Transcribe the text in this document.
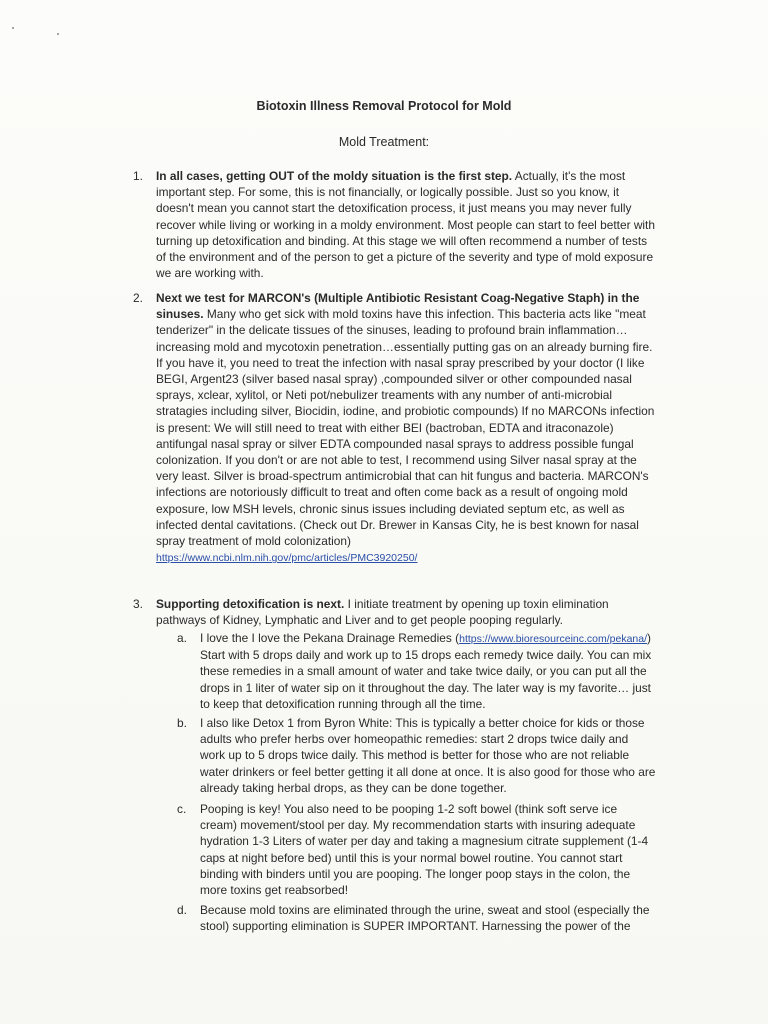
Biotoxin Illness Removal Protocol for Mold
Mold Treatment:
1. In all cases, getting OUT of the moldy situation is the first step. Actually, it's the most important step. For some, this is not financially, or logically possible. Just so you know, it doesn't mean you cannot start the detoxification process, it just means you may never fully recover while living or working in a moldy environment. Most people can start to feel better with turning up detoxification and binding. At this stage we will often recommend a number of tests of the environment and of the person to get a picture of the severity and type of mold exposure we are working with.
2. Next we test for MARCON's (Multiple Antibiotic Resistant Coag-Negative Staph) in the sinuses. Many who get sick with mold toxins have this infection. This bacteria acts like "meat tenderizer" in the delicate tissues of the sinuses, leading to profound brain inflammation… increasing mold and mycotoxin penetration…essentially putting gas on an already burning fire. If you have it, you need to treat the infection with nasal spray prescribed by your doctor (I like BEGI, Argent23 (silver based nasal spray) ,compounded silver or other compounded nasal sprays, xclear, xylitol, or Neti pot/nebulizer treaments with any number of anti-microbial stratagies including silver, Biocidin, iodine, and probiotic compounds) If no MARCONs infection is present: We will still need to treat with either BEI (bactroban, EDTA and itraconazole) antifungal nasal spray or silver EDTA compounded nasal sprays to address possible fungal colonization. If you don't or are not able to test, I recommend using Silver nasal spray at the very least. Silver is broad-spectrum antimicrobial that can hit fungus and bacteria. MARCON's infections are notoriously difficult to treat and often come back as a result of ongoing mold exposure, low MSH levels, chronic sinus issues including deviated septum etc, as well as infected dental cavitations. (Check out Dr. Brewer in Kansas City, he is best known for nasal spray treatment of mold colonization)
https://www.ncbi.nlm.nih.gov/pmc/articles/PMC3920250/
3. Supporting detoxification is next. I initiate treatment by opening up toxin elimination pathways of Kidney, Lymphatic and Liver and to get people pooping regularly.
a. I love the I love the Pekana Drainage Remedies (https://www.bioresourceinc.com/pekana/) Start with 5 drops daily and work up to 15 drops each remedy twice daily. You can mix these remedies in a small amount of water and take twice daily, or you can put all the drops in 1 liter of water sip on it throughout the day. The later way is my favorite… just to keep that detoxification running through all the time.
b. I also like Detox 1 from Byron White: This is typically a better choice for kids or those adults who prefer herbs over homeopathic remedies: start 2 drops twice daily and work up to 5 drops twice daily. This method is better for those who are not reliable water drinkers or feel better getting it all done at once. It is also good for those who are already taking herbal drops, as they can be done together.
c. Pooping is key! You also need to be pooping 1-2 soft bowel (think soft serve ice cream) movement/stool per day. My recommendation starts with insuring adequate hydration 1-3 Liters of water per day and taking a magnesium citrate supplement (1-4 caps at night before bed) until this is your normal bowel routine. You cannot start binding with binders until you are pooping. The longer poop stays in the colon, the more toxins get reabsorbed!
d. Because mold toxins are eliminated through the urine, sweat and stool (especially the stool) supporting elimination is SUPER IMPORTANT. Harnessing the power of the
